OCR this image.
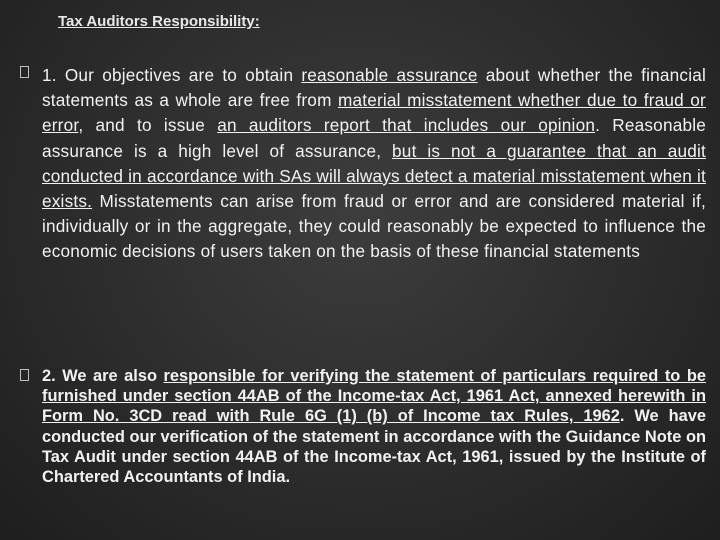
Tax Auditors Responsibility:

1. Our objectives are to obtain reasonable assurance about whether the financial statements as a whole are free from material misstatement whether due to fraud or error, and to issue an auditors report that includes our opinion. Reasonable assurance is a high level of assurance, but is not a guarantee that an audit conducted in accordance with SAs will always detect a material misstatement when it exists. Misstatements can arise from fraud or error and are considered material if, individually or in the aggregate, they could reasonably be expected to influence the economic decisions of users taken on the basis of these financial statements

2. We are also responsible for verifying the statement of particulars required to be furnished under section 44AB of the Income-tax Act, 1961 Act, annexed herewith in Form No. 3CD read with Rule 6G (1) (b) of Income tax Rules, 1962. We have conducted our verification of the statement in accordance with the Guidance Note on Tax Audit under section 44AB of the Income-tax Act, 1961, issued by the Institute of Chartered Accountants of India.
